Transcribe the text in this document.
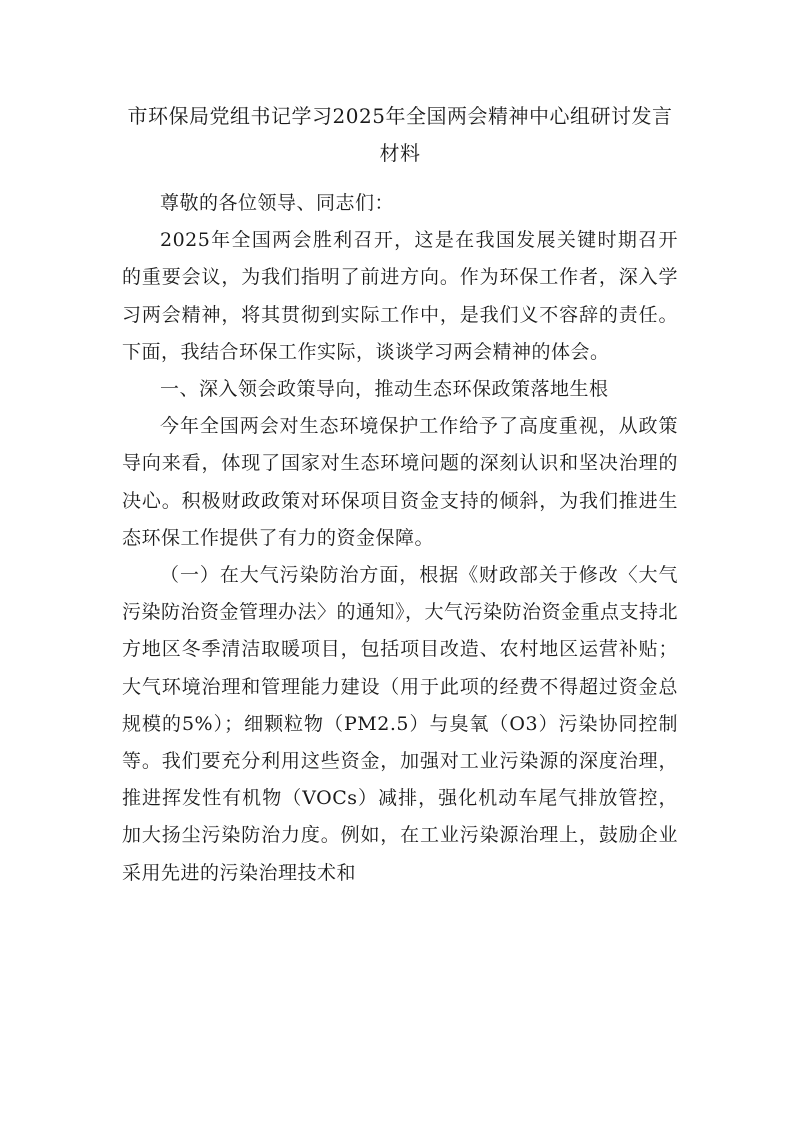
市环保局党组书记学习2025年全国两会精神中心组研讨发言材料

尊敬的各位领导、同志们：

2025年全国两会胜利召开，这是在我国发展关键时期召开的重要会议，为我们指明了前进方向。作为环保工作者，深入学习两会精神，将其贯彻到实际工作中，是我们义不容辞的责任。下面，我结合环保工作实际，谈谈学习两会精神的体会。

一、深入领会政策导向，推动生态环保政策落地生根

今年全国两会对生态环境保护工作给予了高度重视，从政策导向来看，体现了国家对生态环境问题的深刻认识和坚决治理的决心。积极财政政策对环保项目资金支持的倾斜，为我们推进生态环保工作提供了有力的资金保障。

（一）在大气污染防治方面，根据《财政部关于修改〈大气污染防治资金管理办法〉的通知》，大气污染防治资金重点支持北方地区冬季清洁取暖项目，包括项目改造、农村地区运营补贴；大气环境治理和管理能力建设（用于此项的经费不得超过资金总规模的5%）；细颗粒物（PM2.5）与臭氧（O3）污染协同控制等。我们要充分利用这些资金，加强对工业污染源的深度治理，推进挥发性有机物（VOCs）减排，强化机动车尾气排放管控，加大扬尘污染防治力度。例如，在工业污染源治理上，鼓励企业采用先进的污染治理技术和
